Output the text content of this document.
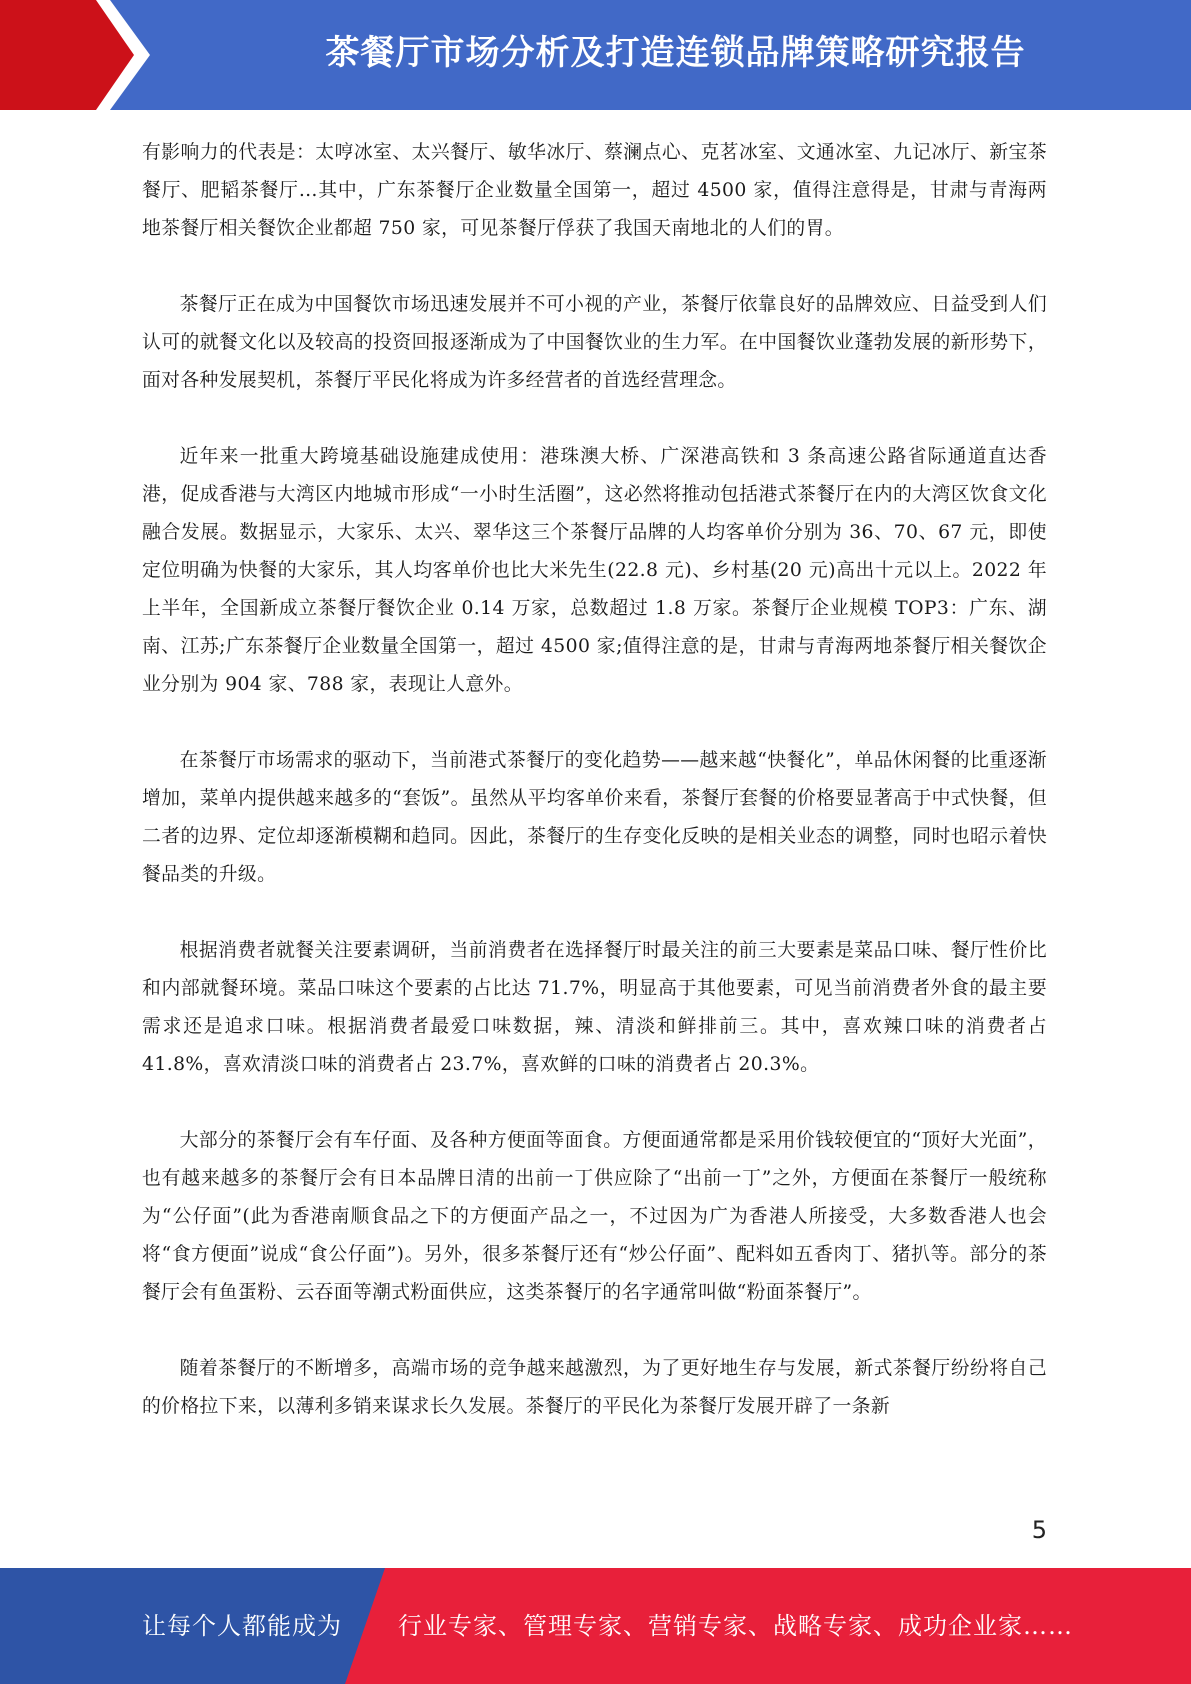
茶餐厅市场分析及打造连锁品牌策略研究报告

有影响力的代表是：太哼冰室、太兴餐厅、敏华冰厅、蔡澜点心、克茗冰室、文通冰室、九记冰厅、新宝茶餐厅、肥韬茶餐厅…其中，广东茶餐厅企业数量全国第一，超过 4500 家，值得注意得是，甘肃与青海两地茶餐厅相关餐饮企业都超 750 家，可见茶餐厅俘获了我国天南地北的人们的胃。

茶餐厅正在成为中国餐饮市场迅速发展并不可小视的产业，茶餐厅依靠良好的品牌效应、日益受到人们认可的就餐文化以及较高的投资回报逐渐成为了中国餐饮业的生力军。在中国餐饮业蓬勃发展的新形势下，面对各种发展契机，茶餐厅平民化将成为许多经营者的首选经营理念。

近年来一批重大跨境基础设施建成使用：港珠澳大桥、广深港高铁和 3 条高速公路省际通道直达香港，促成香港与大湾区内地城市形成“一小时生活圈”，这必然将推动包括港式茶餐厅在内的大湾区饮食文化融合发展。数据显示，大家乐、太兴、翠华这三个茶餐厅品牌的人均客单价分别为 36、70、67 元，即使定位明确为快餐的大家乐，其人均客单价也比大米先生(22.8 元)、乡村基(20 元)高出十元以上。2022 年上半年，全国新成立茶餐厅餐饮企业 0.14 万家，总数超过 1.8 万家。茶餐厅企业规模 TOP3：广东、湖南、江苏;广东茶餐厅企业数量全国第一，超过 4500 家;值得注意的是，甘肃与青海两地茶餐厅相关餐饮企业分别为 904 家、788 家，表现让人意外。

在茶餐厅市场需求的驱动下，当前港式茶餐厅的变化趋势——越来越“快餐化”，单品休闲餐的比重逐渐增加，菜单内提供越来越多的“套饭”。虽然从平均客单价来看，茶餐厅套餐的价格要显著高于中式快餐，但二者的边界、定位却逐渐模糊和趋同。因此，茶餐厅的生存变化反映的是相关业态的调整，同时也昭示着快餐品类的升级。

根据消费者就餐关注要素调研，当前消费者在选择餐厅时最关注的前三大要素是菜品口味、餐厅性价比和内部就餐环境。菜品口味这个要素的占比达 71.7%，明显高于其他要素，可见当前消费者外食的最主要需求还是追求口味。根据消费者最爱口味数据，辣、清淡和鲜排前三。其中，喜欢辣口味的消费者占 41.8%，喜欢清淡口味的消费者占 23.7%，喜欢鲜的口味的消费者占 20.3%。

大部分的茶餐厅会有车仔面、及各种方便面等面食。方便面通常都是采用价钱较便宜的“顶好大光面”，也有越来越多的茶餐厅会有日本品牌日清的出前一丁供应除了“出前一丁”之外，方便面在茶餐厅一般统称为“公仔面”(此为香港南顺食品之下的方便面产品之一，不过因为广为香港人所接受，大多数香港人也会将“食方便面”说成“食公仔面”)。另外，很多茶餐厅还有“炒公仔面”、配料如五香肉丁、猪扒等。部分的茶餐厅会有鱼蛋粉、云吞面等潮式粉面供应，这类茶餐厅的名字通常叫做“粉面茶餐厅”。

随着茶餐厅的不断增多，高端市场的竞争越来越激烈，为了更好地生存与发展，新式茶餐厅纷纷将自己的价格拉下来，以薄利多销来谋求长久发展。茶餐厅的平民化为茶餐厅发展开辟了一条新

5
让每个人都能成为 行业专家、管理专家、营销专家、战略专家、成功企业家……
